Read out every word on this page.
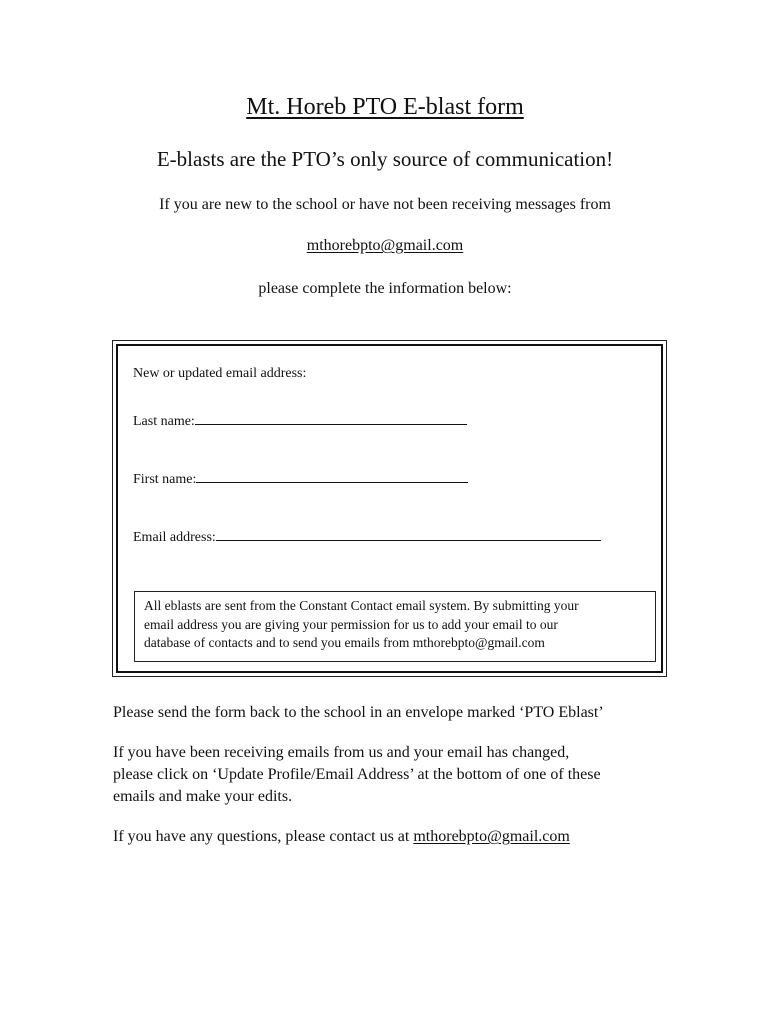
Mt. Horeb PTO E-blast form
E-blasts are the PTO’s only source of communication!
If you are new to the school or have not been receiving messages from
mthorebpto@gmail.com
please complete the information below:
New or updated email address:
Last name:
First name:
Email address:
All eblasts are sent from the Constant Contact email system. By submitting your
email address you are giving your permission for us to add your email to our
database of contacts and to send you emails from mthorebpto@gmail.com
Please send the form back to the school in an envelope marked ‘PTO Eblast’
If you have been receiving emails from us and your email has changed,
please click on ‘Update Profile/Email Address’ at the bottom of one of these
emails and make your edits.
If you have any questions, please contact us at mthorebpto@gmail.com
